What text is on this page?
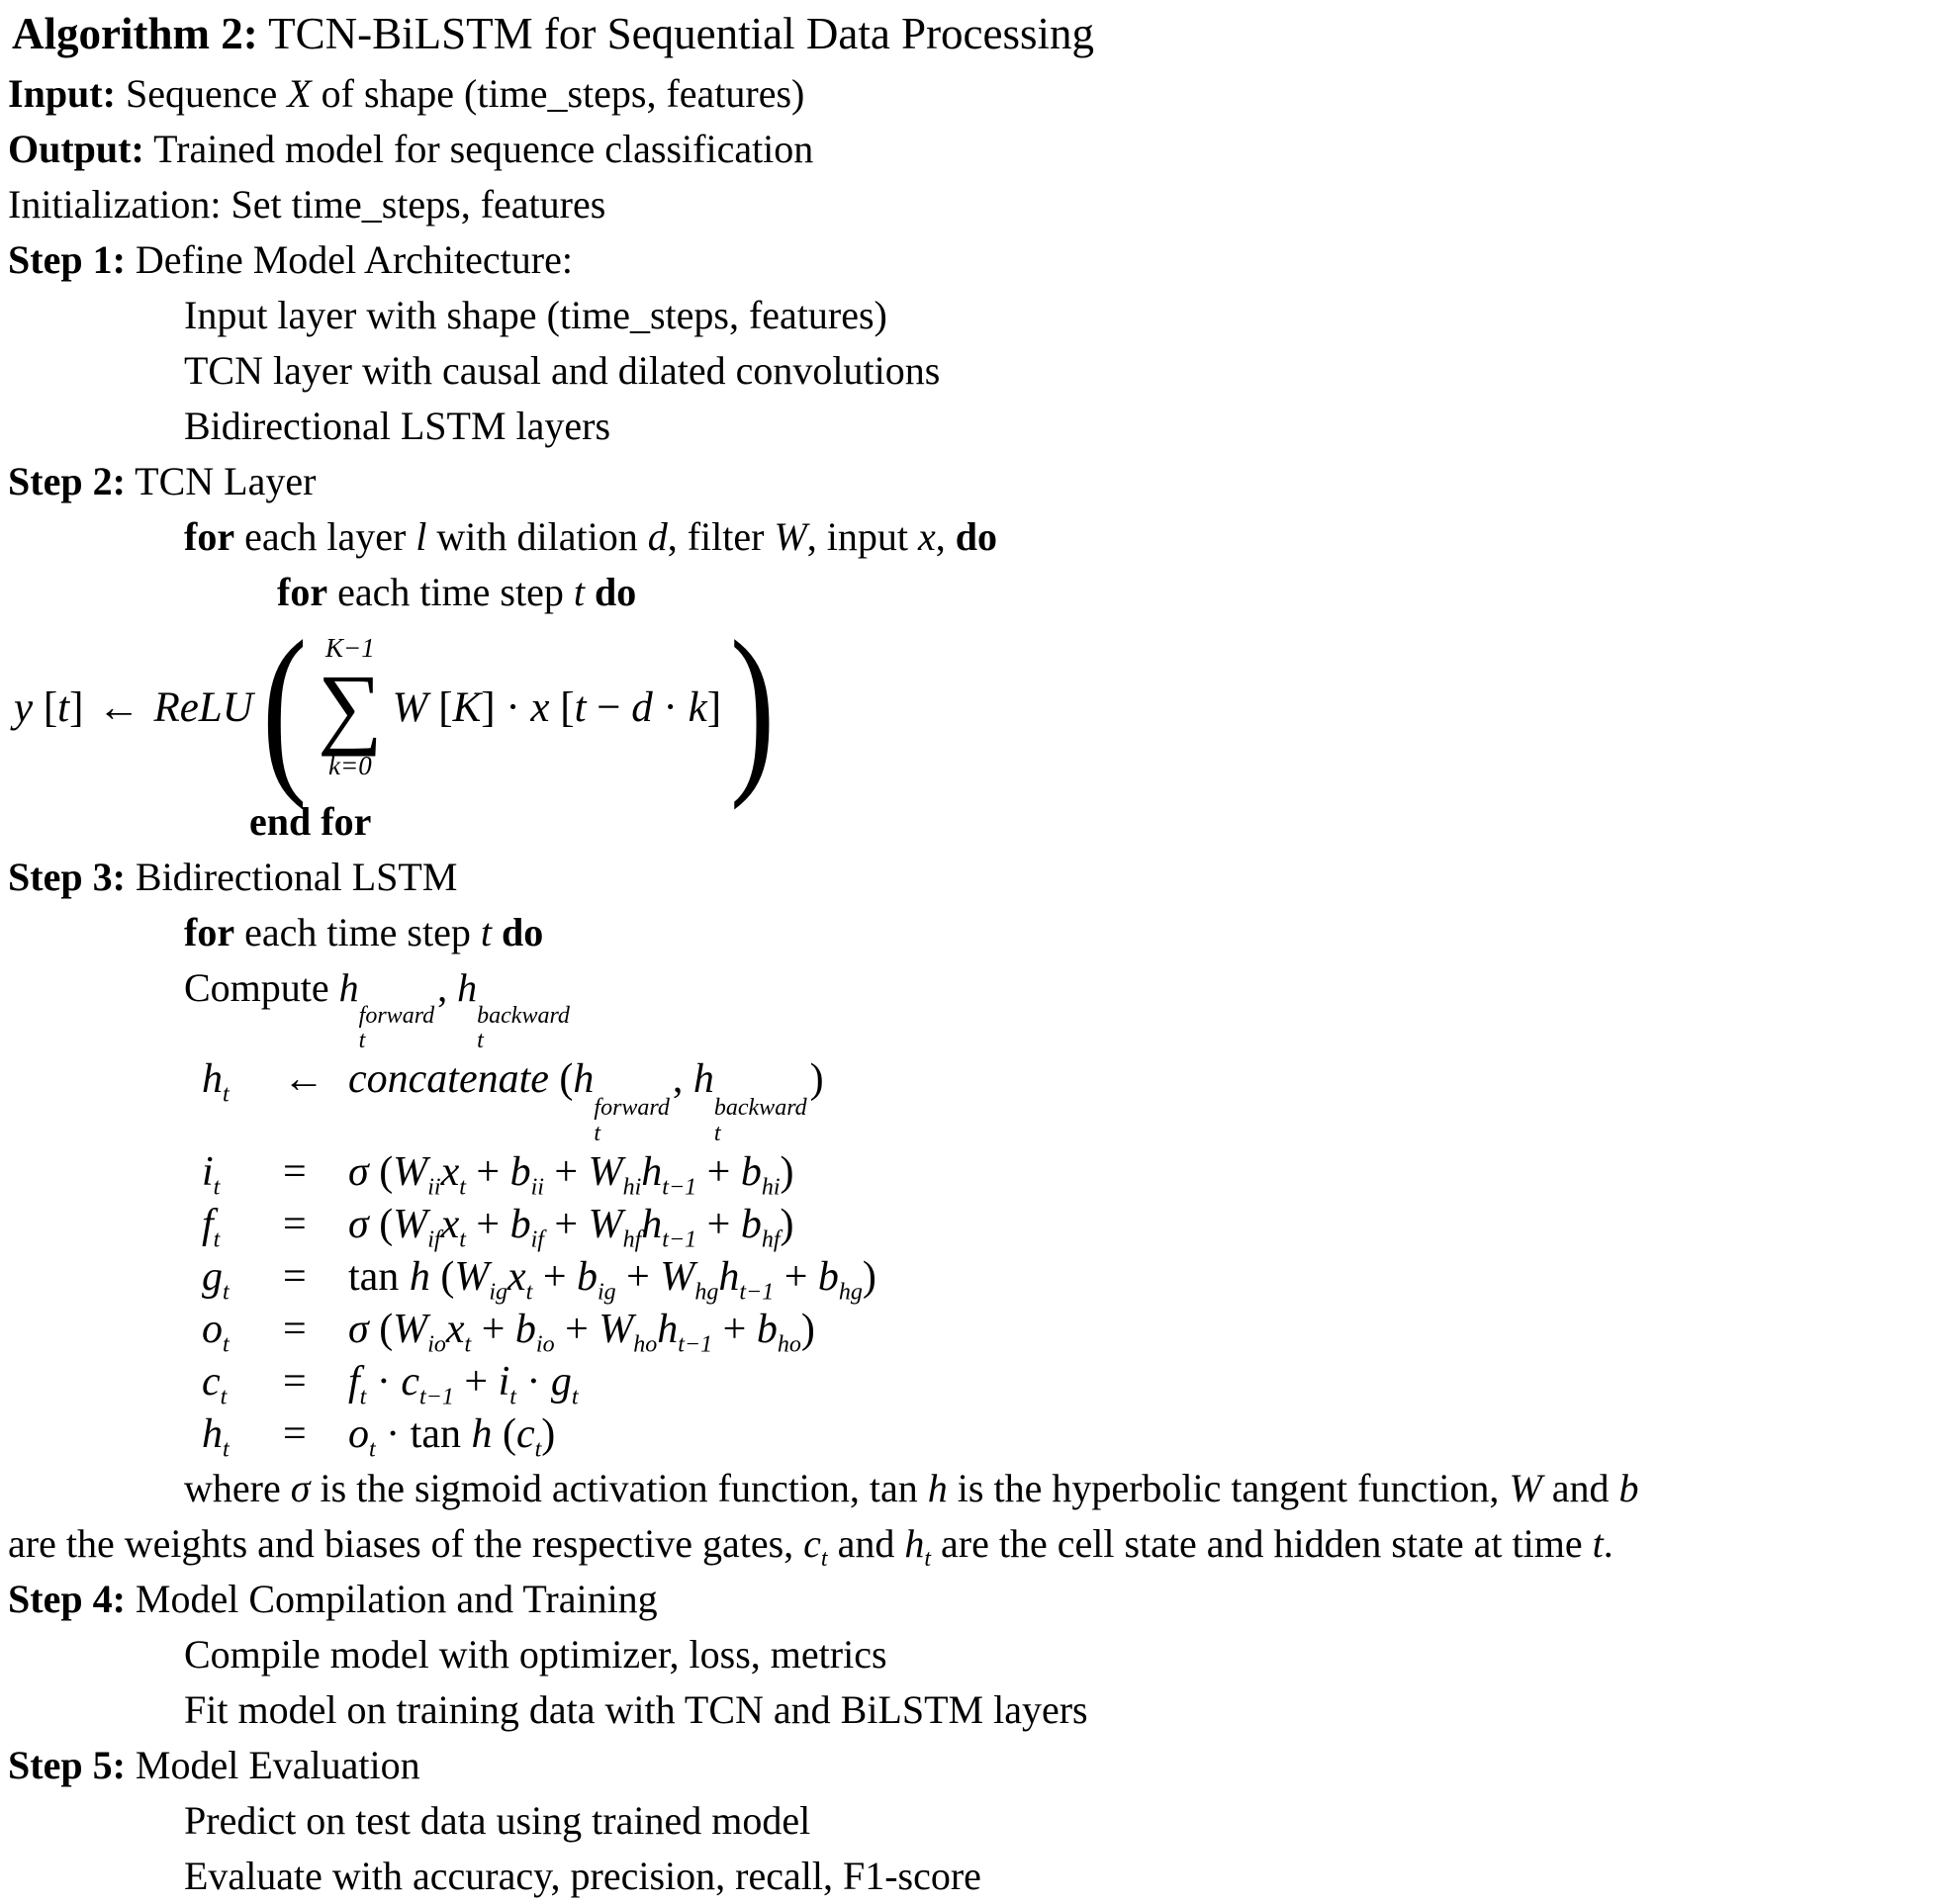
Algorithm 2: TCN-BiLSTM for Sequential Data Processing
Input: Sequence X of shape (time_steps, features)
Output: Trained model for sequence classification
Initialization: Set time_steps, features
Step 1: Define Model Architecture:
Input layer with shape (time_steps, features)
TCN layer with causal and dilated convolutions
Bidirectional LSTM layers
Step 2: TCN Layer
for each layer l with dilation d, filter W, input x, do
for each time step t do
y [t] ← ReLU ( K−1
∑
k=0
W [K] · x [t − d · k] )
end for
Step 3: Bidirectional LSTM
for each time step t do
Compute h
forward
t
, h
backward
t
$h_t$	← concatenate (h
forward
t
, h
backward
t
)
$i_t$	=	σ $(W_{ii}x_t + b_{ii} + W_{hi}h_{t-1} + b_{hi})$
$f_t$	=	σ $(W_{if}x_t + b_{if} + W_{hf}h_{t-1} + b_{hf})$
$g_t$	=	tan h $(W_{ig}x_t + b_{ig} + W_{hg}h_{t-1} + b_{hg})$
$o_t$	=	σ $(W_{io}x_t + b_{io} + W_{ho}h_{t-1} + b_{ho})$
$c_t$	=	$f_t \cdot c_{t-1} + i_t \cdot g_t$
$h_t$	=	$o_t \cdot \tan h$ $(c_t)$
where σ is the sigmoid activation function, tan h is the hyperbolic tangent function, W and b
are the weights and biases of the respective gates, $c_t$ and $h_t$ are the cell state and hidden state at time t.
Step 4: Model Compilation and Training
Compile model with optimizer, loss, metrics
Fit model on training data with TCN and BiLSTM layers
Step 5: Model Evaluation
Predict on test data using trained model
Evaluate with accuracy, precision, recall, F1-score
